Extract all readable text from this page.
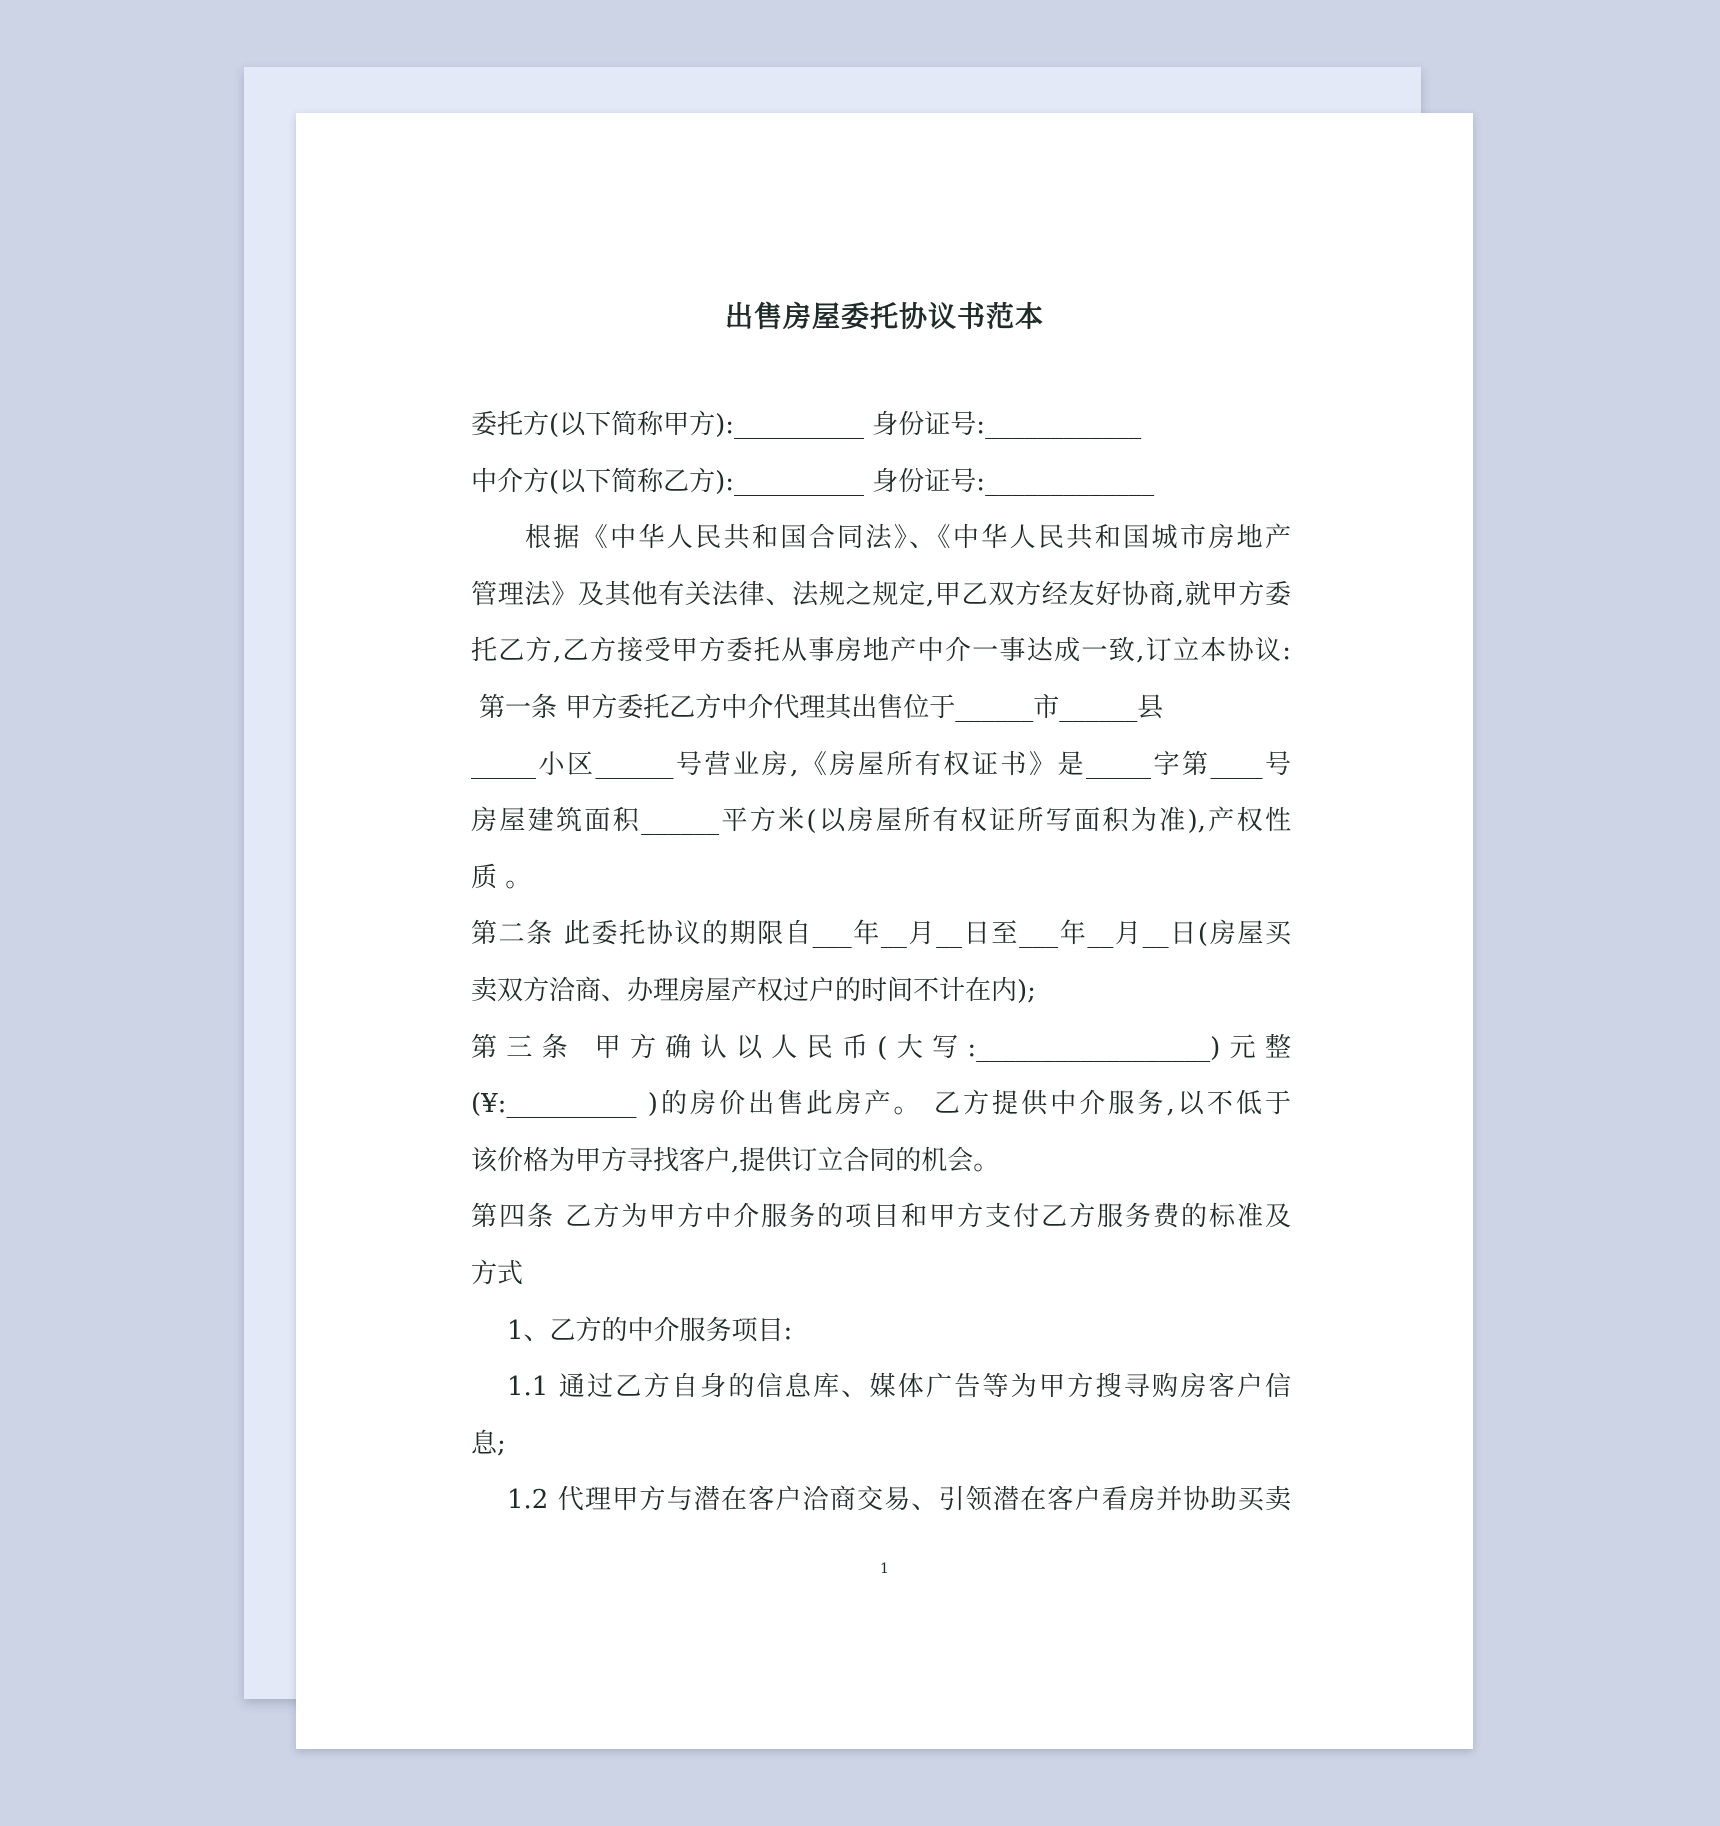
出售房屋委托协议书范本
委托方(以下简称甲方):__________ 身份证号:____________
中介方(以下简称乙方):__________ 身份证号:_____________
根据《中华人民共和国合同法》、《中华人民共和国城市房地产
管理法》及其他有关法律、法规之规定,甲乙双方经友好协商,就甲方委
托乙方,乙方接受甲方委托从事房地产中介一事达成一致,订立本协议:
第一条 甲方委托乙方中介代理其出售位于______市______县
_____小区______号营业房,《房屋所有权证书》是_____字第____号
房屋建筑面积______平方米(以房屋所有权证所写面积为准),产权性
质 。
第二条 此委托协议的期限自___年__月__日至___年__月__日(房屋买
卖双方洽商、办理房屋产权过户的时间不计在内);
第三条 甲方确认以人民币(大写:__________________)元整
(¥:__________ )的房价出售此房产。 乙方提供中介服务,以不低于
该价格为甲方寻找客户,提供订立合同的机会。
第四条 乙方为甲方中介服务的项目和甲方支付乙方服务费的标准及
方式
1、乙方的中介服务项目:
1.1 通过乙方自身的信息库、媒体广告等为甲方搜寻购房客户信
息;
1.2 代理甲方与潜在客户洽商交易、引领潜在客户看房并协助买卖
1
